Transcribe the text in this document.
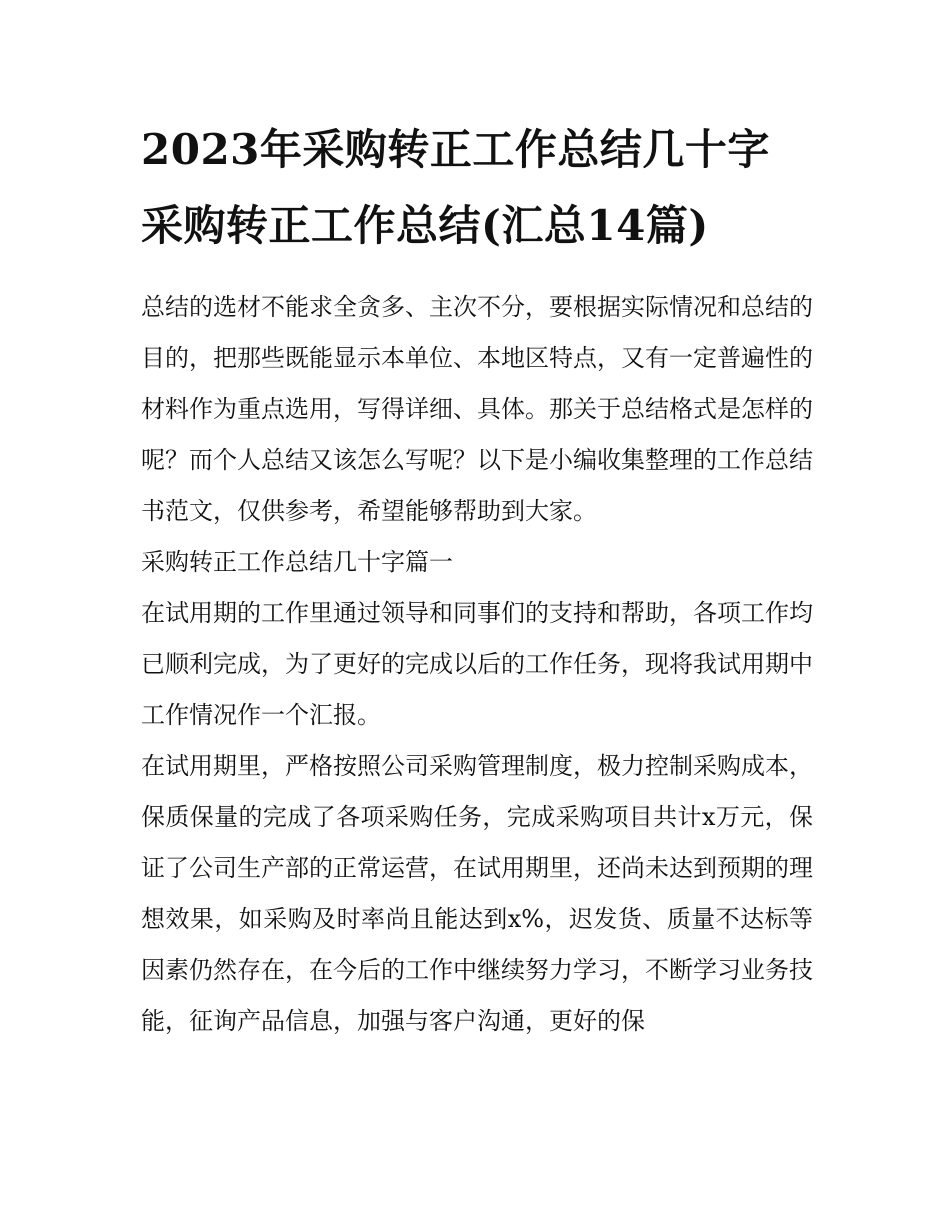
2023年采购转正工作总结几十字 采购转正工作总结(汇总14篇)

总结的选材不能求全贪多、主次不分，要根据实际情况和总结的目的，把那些既能显示本单位、本地区特点，又有一定普遍性的材料作为重点选用，写得详细、具体。那关于总结格式是怎样的呢？而个人总结又该怎么写呢？以下是小编收集整理的工作总结书范文，仅供参考，希望能够帮助到大家。

采购转正工作总结几十字篇一

在试用期的工作里通过领导和同事们的支持和帮助，各项工作均已顺利完成，为了更好的完成以后的工作任务，现将我试用期中工作情况作一个汇报。

在试用期里，严格按照公司采购管理制度，极力控制采购成本，保质保量的完成了各项采购任务，完成采购项目共计x万元，保证了公司生产部的正常运营，在试用期里，还尚未达到预期的理想效果，如采购及时率尚且能达到x%，迟发货、质量不达标等因素仍然存在，在今后的工作中继续努力学习，不断学习业务技能，征询产品信息，加强与客户沟通，更好的保
